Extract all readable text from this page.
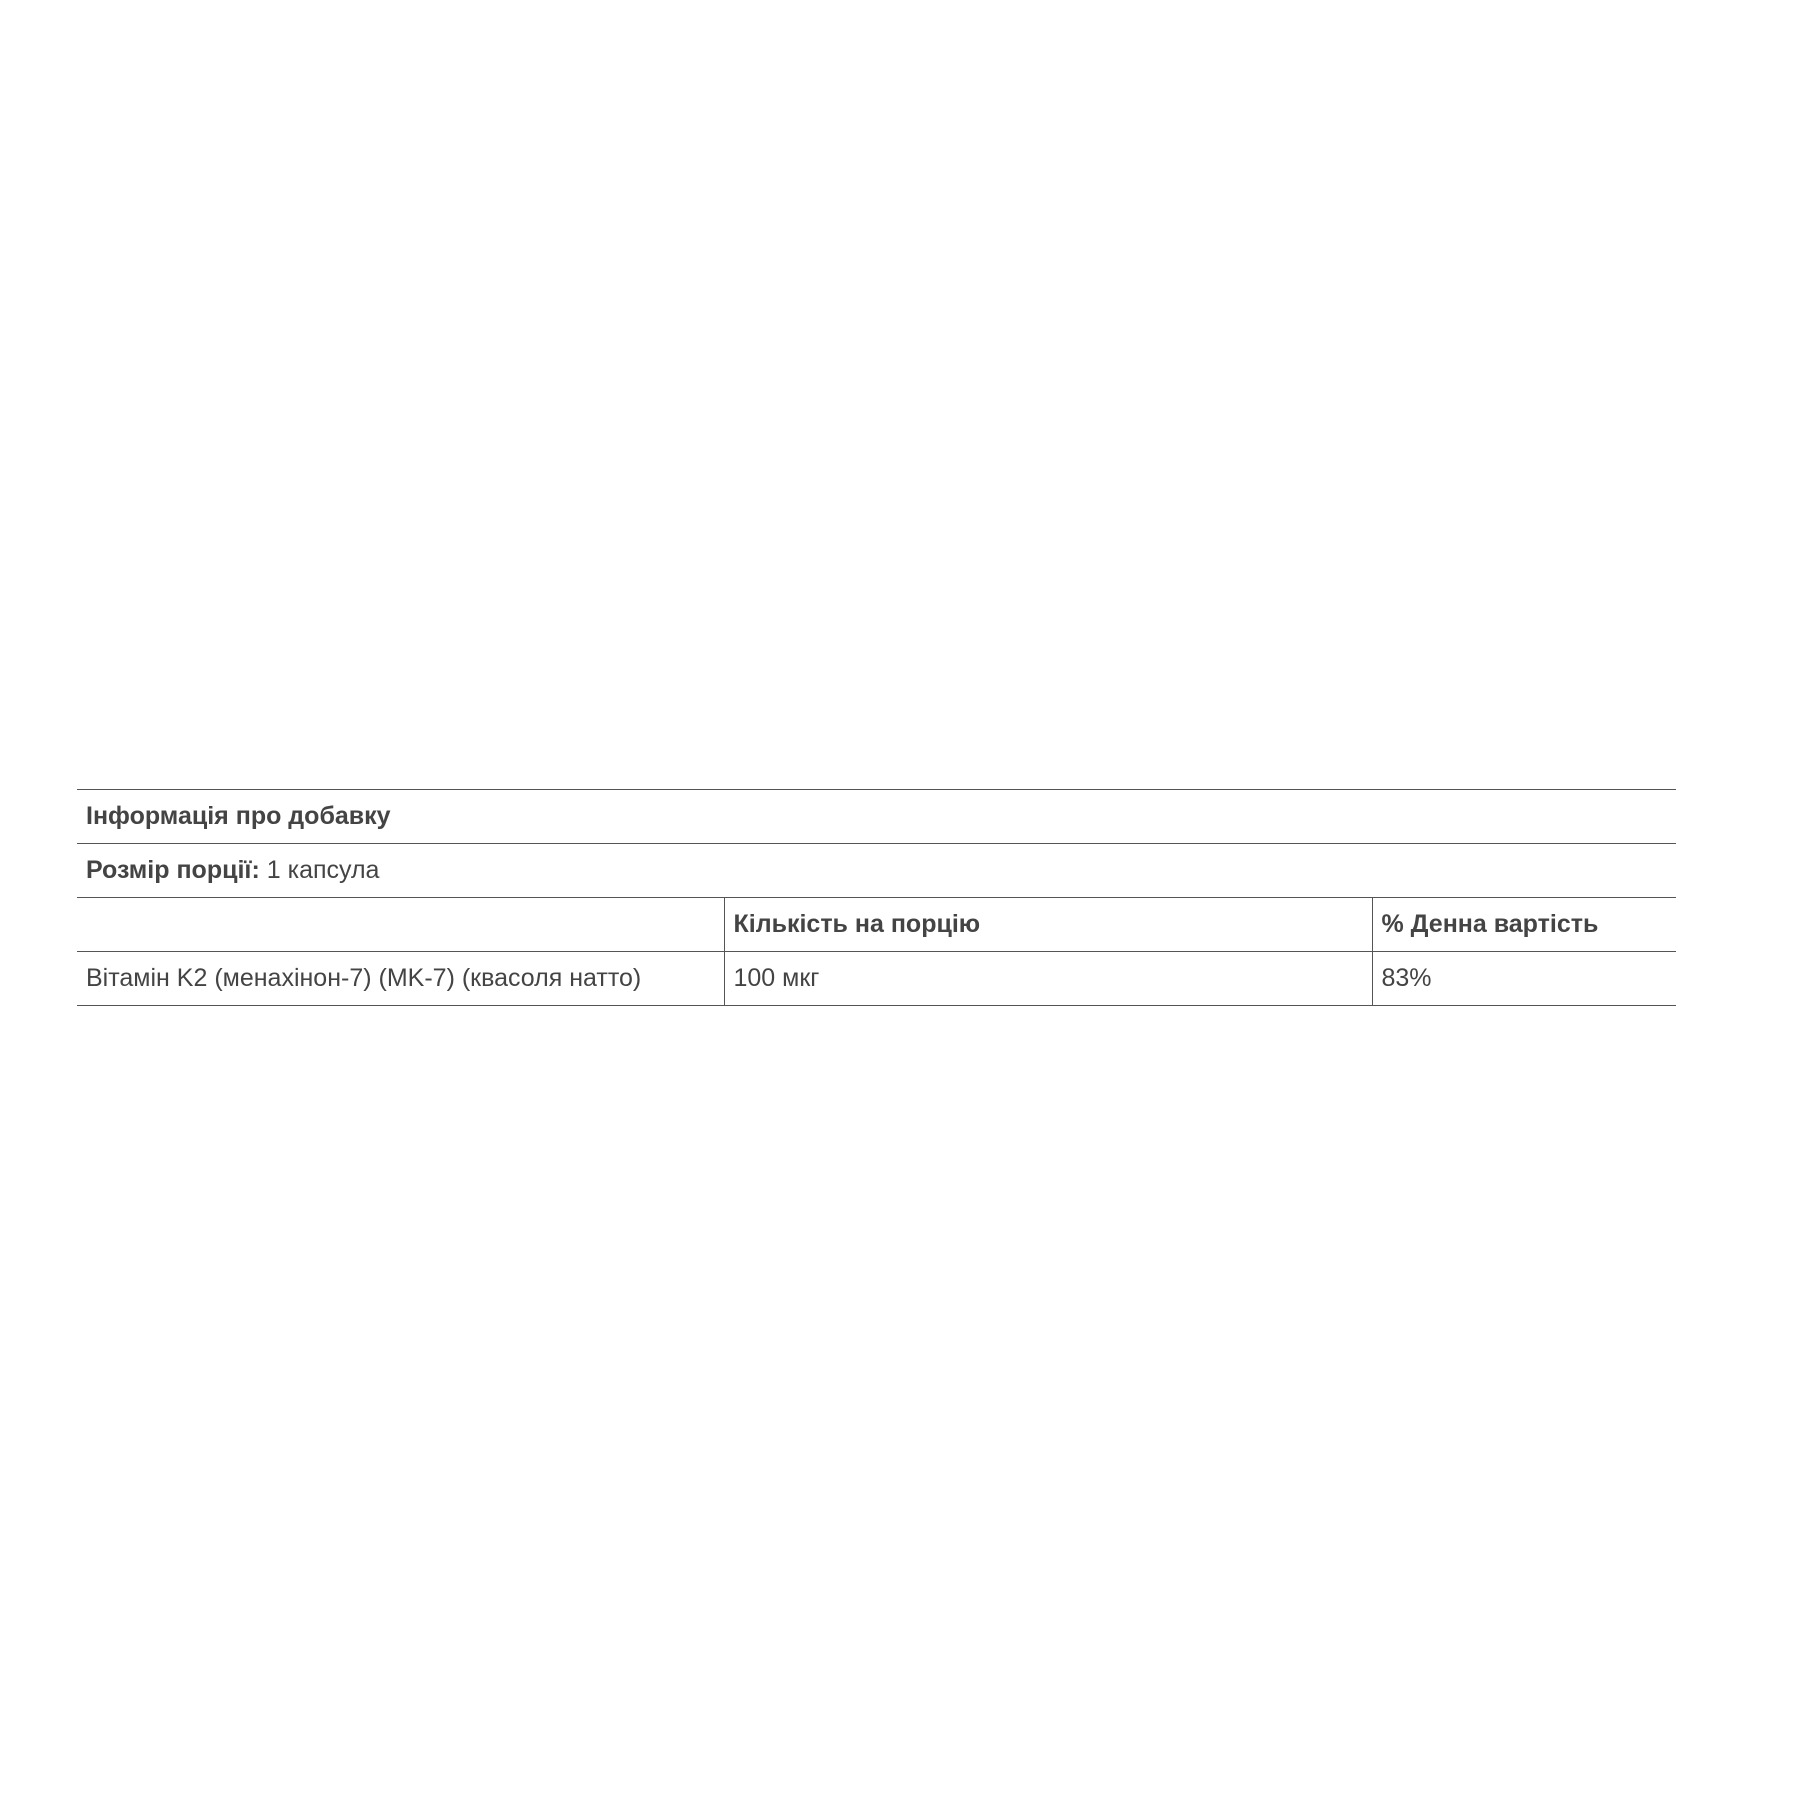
Інформація про добавку		
Розмір порції: 1 капсула		
	Кількість на порцію	% Денна вартість
Вітамін K2 (менахінон-7) (MK-7) (квасоля натто)	100 мкг	83%
